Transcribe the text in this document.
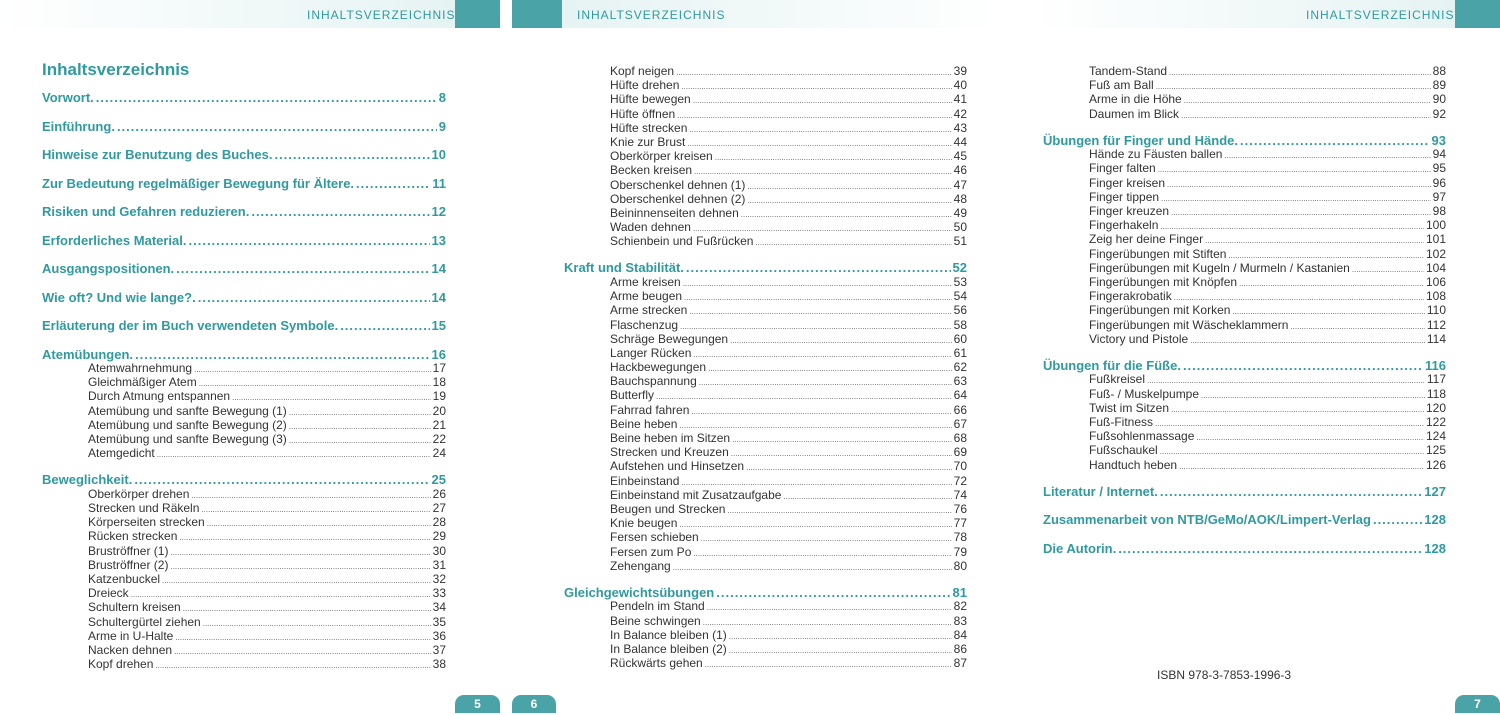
INHALTSVERZEICHNIS	INHALTSVERZEICHNIS	INHALTSVERZEICHNIS
Inhaltsverzeichnis
Vorwort. .....	8
Einführung. .....	9
Hinweise zur Benutzung des Buches. .....	10
Zur Bedeutung regelmäßiger Bewegung für Ältere. .....	11
Risiken und Gefahren reduzieren. .....	12
Erforderliches Material. .....	13
Ausgangspositionen. .....	14
Wie oft? Und wie lange?. .....	14
Erläuterung der im Buch verwendeten Symbole. .....	15
Atemübungen. .....	16
Atemwahrnehmung .....	17
Gleichmäßiger Atem .....	18
Durch Atmung entspannen .....	19
Atemübung und sanfte Bewegung (1) .....	20
Atemübung und sanfte Bewegung (2) .....	21
Atemübung und sanfte Bewegung (3) .....	22
Atemgedicht .....	24
Beweglichkeit. .....	25
Oberkörper drehen .....	26
Strecken und Räkeln .....	27
Körperseiten strecken .....	28
Rücken strecken .....	29
Bruströffner (1) .....	30
Bruströffner (2) .....	31
Katzenbuckel .....	32
Dreieck .....	33
Schultern kreisen .....	34
Schultergürtel ziehen .....	35
Arme in U-Halte .....	36
Nacken dehnen .....	37
Kopf drehen .....	38
Kopf neigen .....	39
Hüfte drehen .....	40
Hüfte bewegen .....	41
Hüfte öffnen .....	42
Hüfte strecken .....	43
Knie zur Brust .....	44
Oberkörper kreisen .....	45
Becken kreisen .....	46
Oberschenkel dehnen (1) .....	47
Oberschenkel dehnen (2) .....	48
Beininnenseiten dehnen .....	49
Waden dehnen .....	50
Schienbein und Fußrücken .....	51
Kraft und Stabilität. .....	52
Arme kreisen .....	53
Arme beugen .....	54
Arme strecken .....	56
Flaschenzug .....	58
Schräge Bewegungen .....	60
Langer Rücken .....	61
Hackbewegungen .....	62
Bauchspannung .....	63
Butterfly .....	64
Fahrrad fahren .....	66
Beine heben .....	67
Beine heben im Sitzen .....	68
Strecken und Kreuzen .....	69
Aufstehen und Hinsetzen .....	70
Einbeinstand .....	72
Einbeinstand mit Zusatzaufgabe .....	74
Beugen und Strecken .....	76
Knie beugen .....	77
Fersen schieben .....	78
Fersen zum Po .....	79
Zehengang .....	80
Gleichgewichtsübungen .....	81
Pendeln im Stand .....	82
Beine schwingen .....	83
In Balance bleiben (1) .....	84
In Balance bleiben (2) .....	86
Rückwärts gehen .....	87
Tandem-Stand .....	88
Fuß am Ball .....	89
Arme in die Höhe .....	90
Daumen im Blick .....	92
Übungen für Finger und Hände. .....	93
Hände zu Fäusten ballen .....	94
Finger falten .....	95
Finger kreisen .....	96
Finger tippen .....	97
Finger kreuzen .....	98
Fingerhakeln .....	100
Zeig her deine Finger .....	101
Fingerübungen mit Stiften .....	102
Fingerübungen mit Kugeln / Murmeln / Kastanien .....	104
Fingerübungen mit Knöpfen .....	106
Fingerakrobatik .....	108
Fingerübungen mit Korken .....	110
Fingerübungen mit Wäscheklammern .....	112
Victory und Pistole .....	114
Übungen für die Füße. .....	116
Fußkreisel .....	117
Fuß- / Muskelpumpe .....	118
Twist im Sitzen .....	120
Fuß-Fitness .....	122
Fußsohlenmassage .....	124
Fußschaukel .....	125
Handtuch heben .....	126
Literatur / Internet. .....	127
Zusammenarbeit von NTB/GeMo/AOK/Limpert-Verlag .....	128
Die Autorin. .....	128
ISBN 978-3-7853-1996-3
5	6	7
